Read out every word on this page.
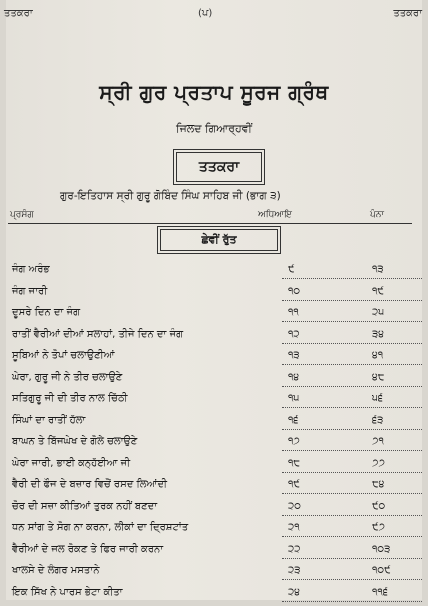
ਤਤਕਰਾ	(ਪ)	ਤਤਕਰਾ
ਸ੍ਰੀ ਗੁਰ ਪ੍ਰਤਾਪ ਸੂਰਜ ਗ੍ਰੰਥ
ਜਿਲਦ ਗਿਆਰ੍ਹਵੀਂ
ਤਤਕਰਾ
ਗੁਰ-ਇਤਿਹਾਸ ਸ੍ਰੀ ਗੁਰੂ ਗੋਬਿੰਦ ਸਿੰਘ ਸਾਹਿਬ ਜੀ (ਭਾਗ ੩)
ਪ੍ਰਸੰਗ	ਅਧਿਆਇ	ਪੰਨਾ
ਛੇਵੀਂ ਰੁੱਤ
ਜੰਗ ਅਰੰਭ	੯	੧੩
ਜੰਗ ਜਾਰੀ	੧੦	੧੯
ਦੂਸਰੇ ਦਿਨ ਦਾ ਜੰਗ	੧੧	੨੫
ਰਾਤੀਂ ਵੈਰੀਆਂ ਦੀਆਂ ਸਲਾਹਾਂ, ਤੀਜੇ ਦਿਨ ਦਾ ਜੰਗ	੧੨	੩੪
ਸੂਬਿਆਂ ਨੇ ਤੋਪਾਂ ਚਲਾਉਣੀਆਂ	੧੩	੪੧
ਘੇਰਾ, ਗੁਰੂ ਜੀ ਨੇ ਤੀਰ ਚਲਾਉਣੇ	੧੪	੪੮
ਸਤਿਗੁਰੂ ਜੀ ਦੀ ਤੀਰ ਨਾਲ ਚਿੱਠੀ	੧੫	੫੬
ਸਿੰਘਾਂ ਦਾ ਰਾਤੀਂ ਹੱਲਾ	੧੬	੬੩
ਬਾਘਨ ਤੇ ਬਿੱਜਘੇਖ ਦੇ ਗੋਲੇ ਚਲਾਉਣੇ	੧੭	੭੧
ਘੇਰਾ ਜਾਰੀ, ਭਾਈ ਕਨ੍ਹੱਈਆ ਜੀ	੧੮	੭੭
ਵੈਰੀ ਦੀ ਫੌਜ ਦੇ ਬਜ਼ਾਰ ਵਿਚੋਂ ਰਸਦ ਲਿਆਂਦੀ	੧੯	੮੪
ਚੋਰ ਦੀ ਸਜ਼ਾ ਕੀਤਿਆਂ ਤੁਰਕ ਨਹੀਂ ਬਣਦਾ	੨੦	੯੦
ਧਨ ਸਾਂਗ ਤੇ ਸੋਗ ਨਾ ਕਰਨਾ, ਲੀਕਾਂ ਦਾ ਦ੍ਰਿਸ਼ਟਾਂਤ	੨੧	੯੭
ਵੈਰੀਆਂ ਦੇ ਜਲ ਰੋਕਣ ਤੇ ਫਿਰ ਜਾਰੀ ਕਰਨਾ	੨੨	੧੦੩
ਖਾਲਸੇ ਦੇ ਲੰਗਰ ਮਸਤਾਨੇ	੨੩	੧੦੯
ਇਕ ਸਿੱਖ ਨੇ ਪਾਰਸ ਭੇਟਾ ਕੀਤਾ	੨੪	੧੧੬
